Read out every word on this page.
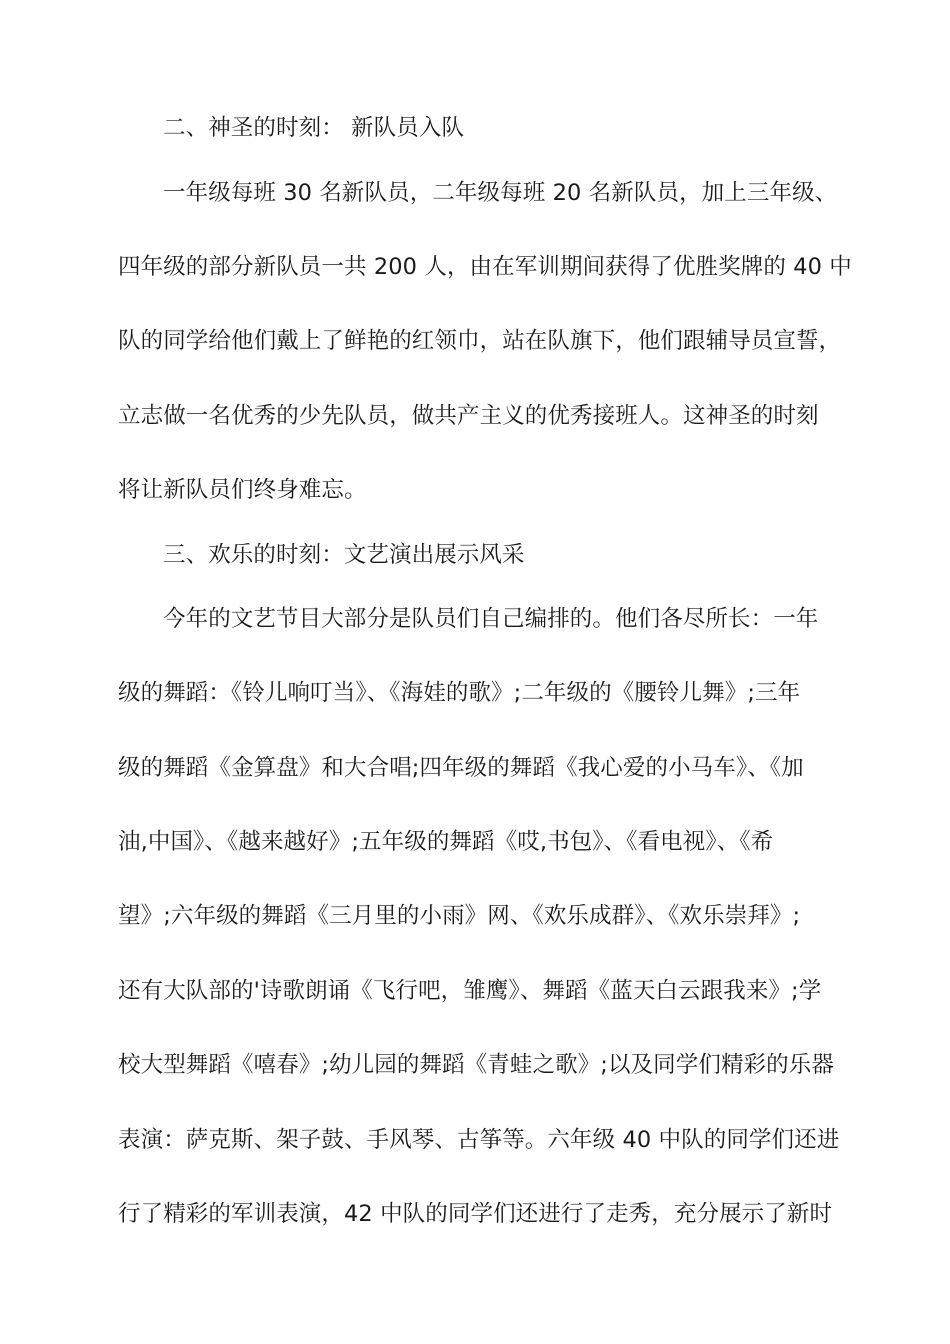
二、神圣的时刻： 新队员入队

一年级每班 30 名新队员，二年级每班 20 名新队员，加上三年级、

四年级的部分新队员一共 200 人，由在军训期间获得了优胜奖牌的 40 中

队的同学给他们戴上了鲜艳的红领巾，站在队旗下，他们跟辅导员宣誓，

立志做一名优秀的少先队员，做共产主义的优秀接班人。这神圣的时刻

将让新队员们终身难忘。

三、欢乐的时刻：文艺演出展示风采

今年的文艺节目大部分是队员们自己编排的。他们各尽所长：一年

级的舞蹈：《铃儿响叮当》、《海娃的歌》;二年级的《腰铃儿舞》;三年

级的舞蹈《金算盘》和大合唱;四年级的舞蹈《我心爱的小马车》、《加

油,中国》、《越来越好》;五年级的舞蹈《哎,书包》、《看电视》、《希

望》;六年级的舞蹈《三月里的小雨》网、《欢乐成群》、《欢乐崇拜》;

还有大队部的'诗歌朗诵《飞行吧，雏鹰》、舞蹈《蓝天白云跟我来》;学

校大型舞蹈《嘻春》;幼儿园的舞蹈《青蛙之歌》;以及同学们精彩的乐器

表演：萨克斯、架子鼓、手风琴、古筝等。六年级 40 中队的同学们还进

行了精彩的军训表演，42 中队的同学们还进行了走秀，充分展示了新时
